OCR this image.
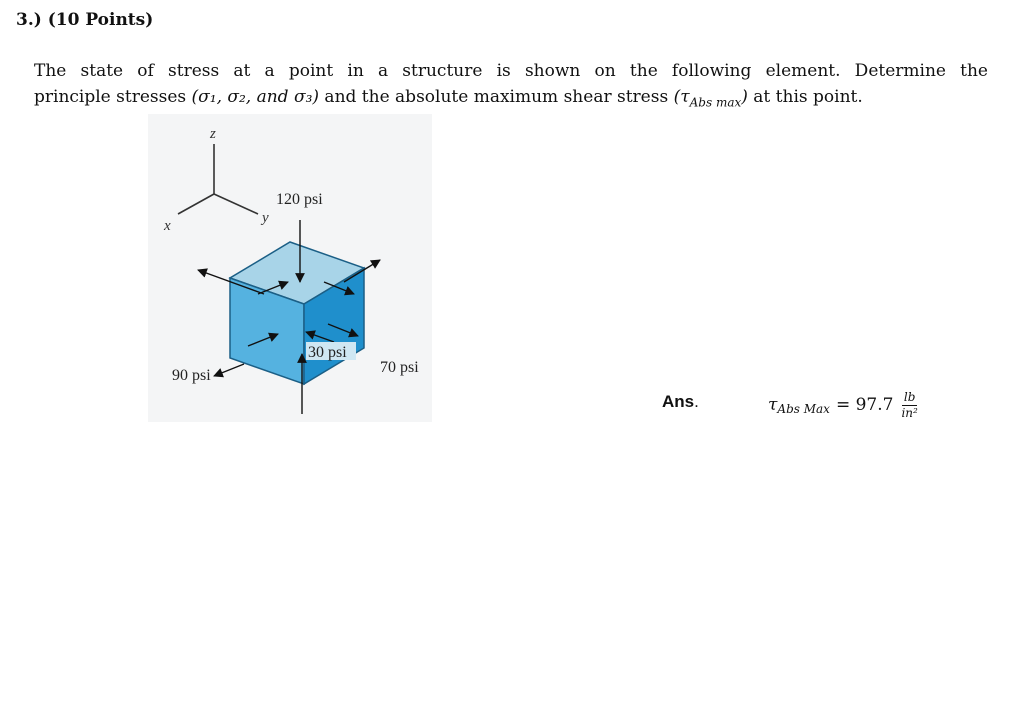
3.) (10 Points)
The state of stress at a point in a structure is shown on the following element. Determine the
principle stresses (σ₁, σ₂, and σ₃) and the absolute maximum shear stress $(\tau_{Abs max})$ at this point.
z
x	y
120 psi
30 psi
90 psi	70 psi
Ans.	$\tau_{Abs Max} = 97.7 \frac{lb}{\text{in²}}$
